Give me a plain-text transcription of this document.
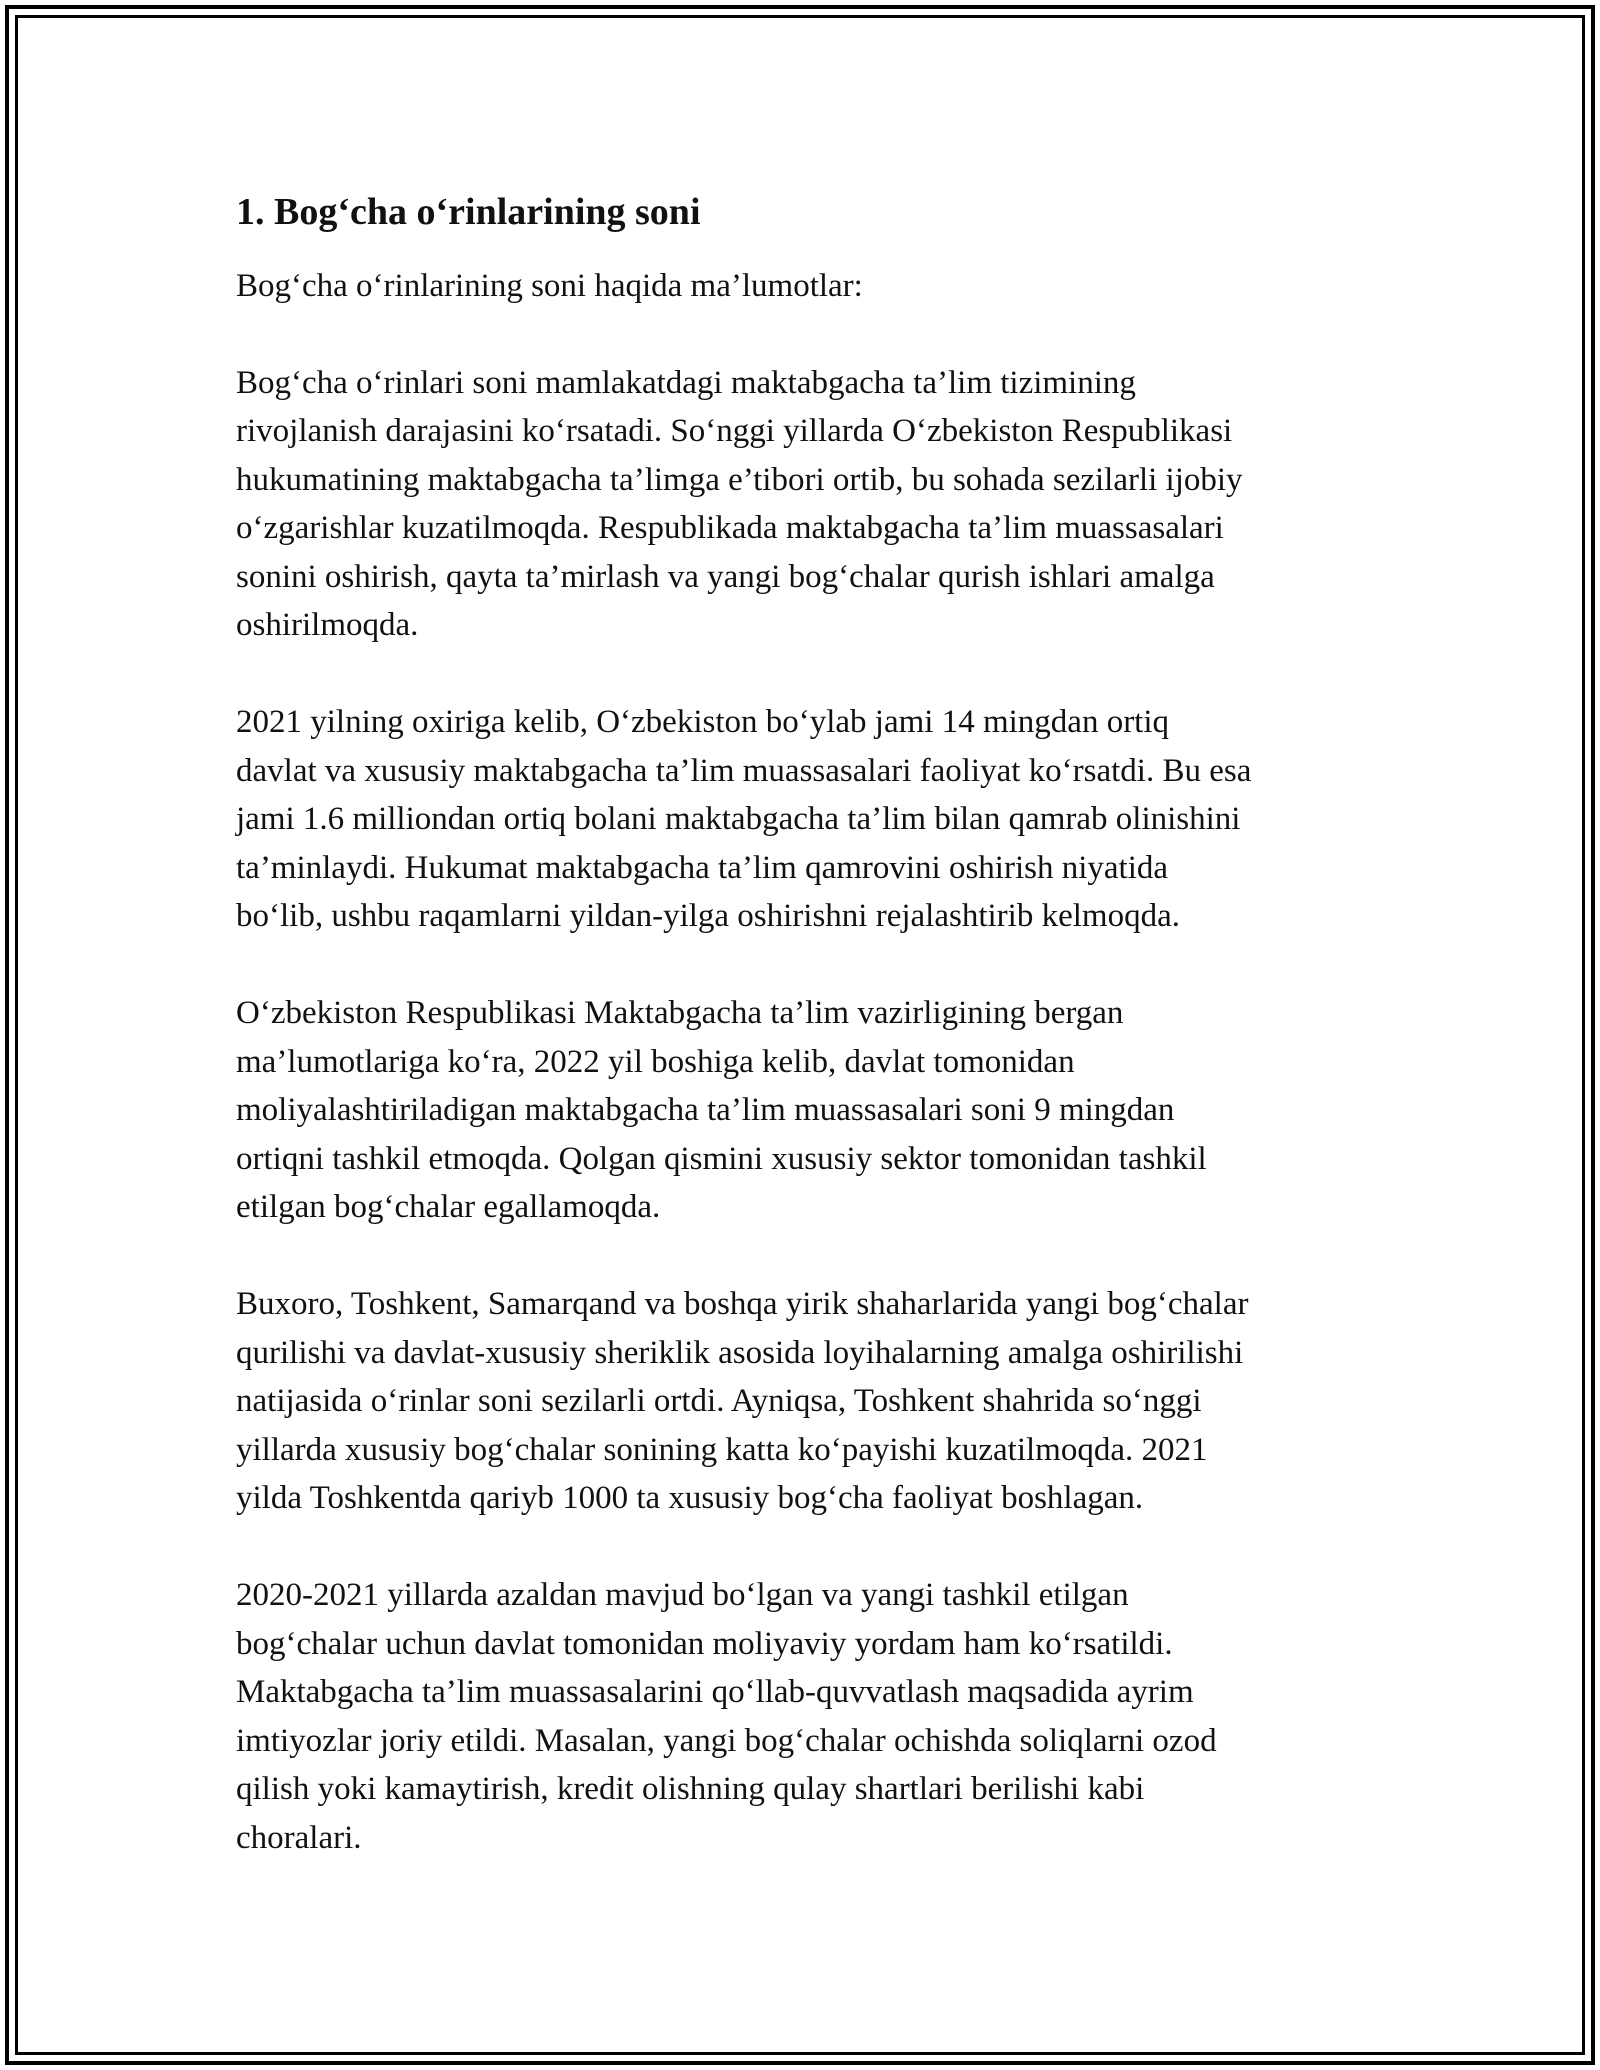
1. Bog‘cha o‘rinlarining soni

Bog‘cha o‘rinlarining soni haqida ma’lumotlar:

Bog‘cha o‘rinlari soni mamlakatdagi maktabgacha ta’lim tizimining
rivojlanish darajasini ko‘rsatadi. So‘nggi yillarda O‘zbekiston Respublikasi
hukumatining maktabgacha ta’limga e’tibori ortib, bu sohada sezilarli ijobiy
o‘zgarishlar kuzatilmoqda. Respublikada maktabgacha ta’lim muassasalari
sonini oshirish, qayta ta’mirlash va yangi bog‘chalar qurish ishlari amalga
oshirilmoqda.

2021 yilning oxiriga kelib, O‘zbekiston bo‘ylab jami 14 mingdan ortiq
davlat va xususiy maktabgacha ta’lim muassasalari faoliyat ko‘rsatdi. Bu esa
jami 1.6 milliondan ortiq bolani maktabgacha ta’lim bilan qamrab olinishini
ta’minlaydi. Hukumat maktabgacha ta’lim qamrovini oshirish niyatida
bo‘lib, ushbu raqamlarni yildan-yilga oshirishni rejalashtirib kelmoqda.

O‘zbekiston Respublikasi Maktabgacha ta’lim vazirligining bergan
ma’lumotlariga ko‘ra, 2022 yil boshiga kelib, davlat tomonidan
moliyalashtiriladigan maktabgacha ta’lim muassasalari soni 9 mingdan
ortiqni tashkil etmoqda. Qolgan qismini xususiy sektor tomonidan tashkil
etilgan bog‘chalar egallamoqda.

Buxoro, Toshkent, Samarqand va boshqa yirik shaharlarida yangi bog‘chalar
qurilishi va davlat-xususiy sheriklik asosida loyihalarning amalga oshirilishi
natijasida o‘rinlar soni sezilarli ortdi. Ayniqsa, Toshkent shahrida so‘nggi
yillarda xususiy bog‘chalar sonining katta ko‘payishi kuzatilmoqda. 2021
yilda Toshkentda qariyb 1000 ta xususiy bog‘cha faoliyat boshlagan.

2020-2021 yillarda azaldan mavjud bo‘lgan va yangi tashkil etilgan
bog‘chalar uchun davlat tomonidan moliyaviy yordam ham ko‘rsatildi.
Maktabgacha ta’lim muassasalarini qo‘llab-quvvatlash maqsadida ayrim
imtiyozlar joriy etildi. Masalan, yangi bog‘chalar ochishda soliqlarni ozod
qilish yoki kamaytirish, kredit olishning qulay shartlari berilishi kabi
choralari.
